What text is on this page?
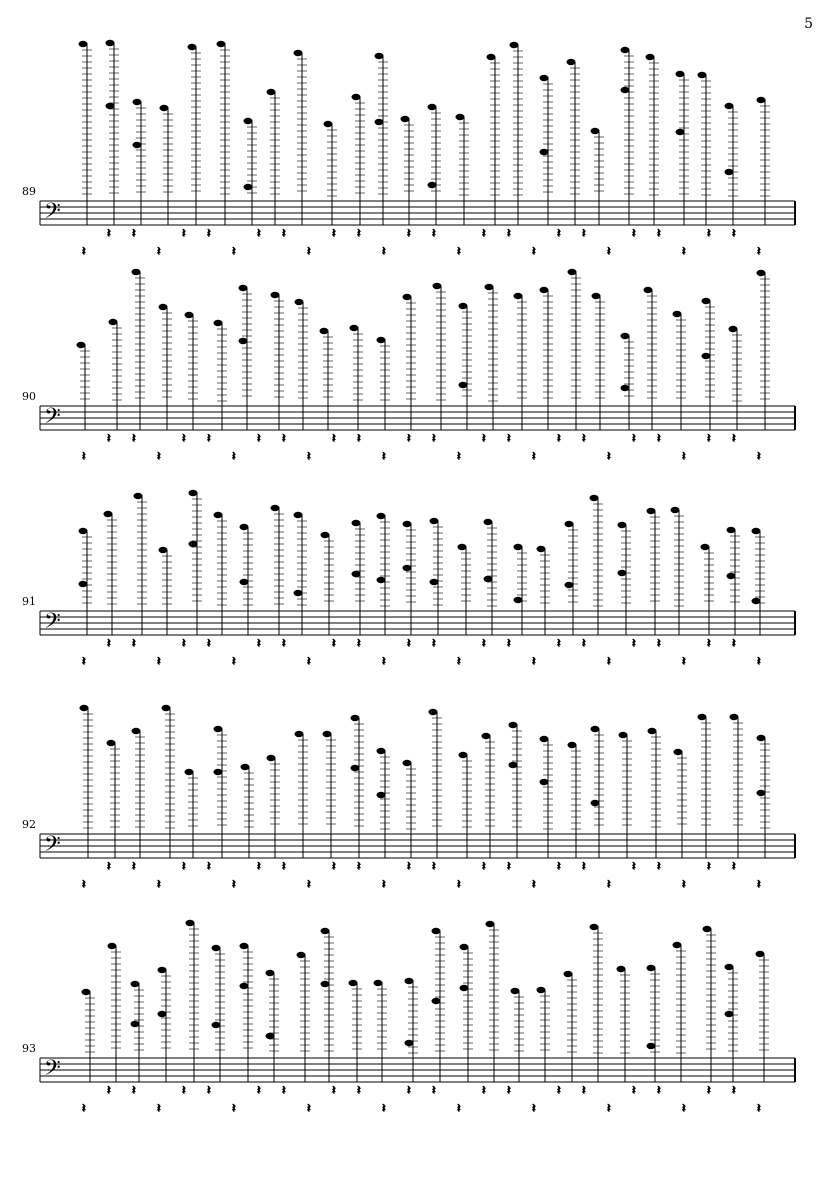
5
89
𝄢
𝄽
𝄽 𝄽
𝄽
𝄽 𝄽
𝄽
𝄽 𝄽
𝄽
𝄽 𝄽
𝄽
𝄽 𝄽
𝄽
𝄽 𝄽
𝄽
𝄽 𝄽
𝄽
𝄽 𝄽
𝄽
𝄽 𝄽
𝄽
90
𝄢
𝄽
𝄽 𝄽
𝄽
𝄽 𝄽
𝄽
𝄽 𝄽
𝄽
𝄽 𝄽
𝄽
𝄽 𝄽
𝄽
𝄽 𝄽
𝄽
𝄽 𝄽
𝄽
𝄽 𝄽
𝄽
𝄽 𝄽
𝄽
91
𝄢
𝄽
𝄽 𝄽
𝄽
𝄽 𝄽
𝄽
𝄽 𝄽
𝄽
𝄽 𝄽
𝄽
𝄽 𝄽
𝄽
𝄽 𝄽
𝄽
𝄽 𝄽
𝄽
𝄽 𝄽
𝄽
𝄽 𝄽
𝄽
92
𝄢
𝄽
𝄽 𝄽
𝄽
𝄽 𝄽
𝄽
𝄽 𝄽
𝄽
𝄽 𝄽
𝄽
𝄽 𝄽
𝄽
𝄽 𝄽
𝄽
𝄽 𝄽
𝄽
𝄽 𝄽
𝄽
𝄽 𝄽
𝄽
93
𝄢
𝄽
𝄽 𝄽
𝄽
𝄽 𝄽
𝄽
𝄽 𝄽
𝄽
𝄽 𝄽
𝄽
𝄽 𝄽
𝄽
𝄽 𝄽
𝄽
𝄽 𝄽
𝄽
𝄽 𝄽
𝄽
𝄽 𝄽
𝄽
